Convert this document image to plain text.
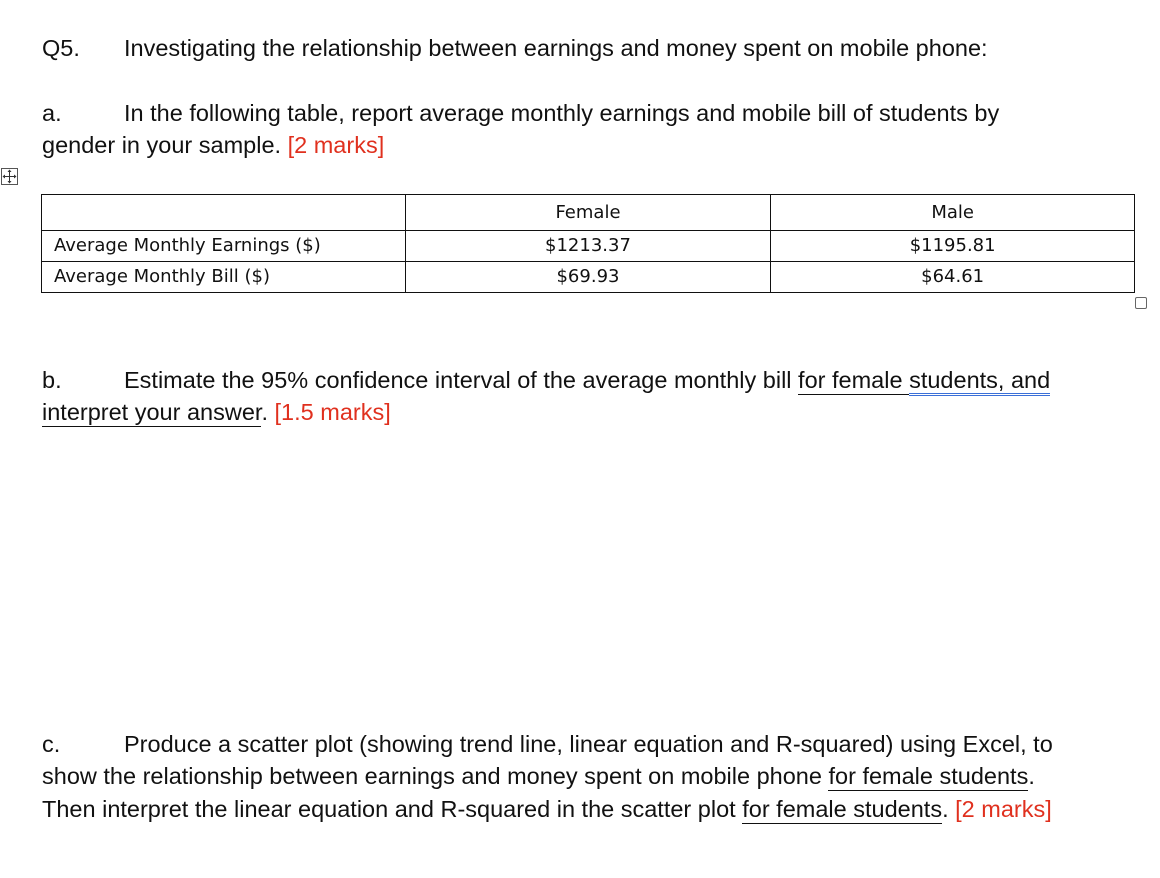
Q5. Investigating the relationship between earnings and money spent on mobile phone:
a.	In the following table, report average monthly earnings and mobile bill of students by
gender in your sample. [2 marks]
	Female	Male
Average Monthly Earnings ($)	$1213.37	$1195.81
Average Monthly Bill ($)	$69.93	$64.61
b.	Estimate the 95% confidence interval of the average monthly bill for female students, and
interpret your answer. [1.5 marks]
c.	Produce a scatter plot (showing trend line, linear equation and R-squared) using Excel, to
show the relationship between earnings and money spent on mobile phone for female students.
Then interpret the linear equation and R-squared in the scatter plot for female students. [2 marks]
